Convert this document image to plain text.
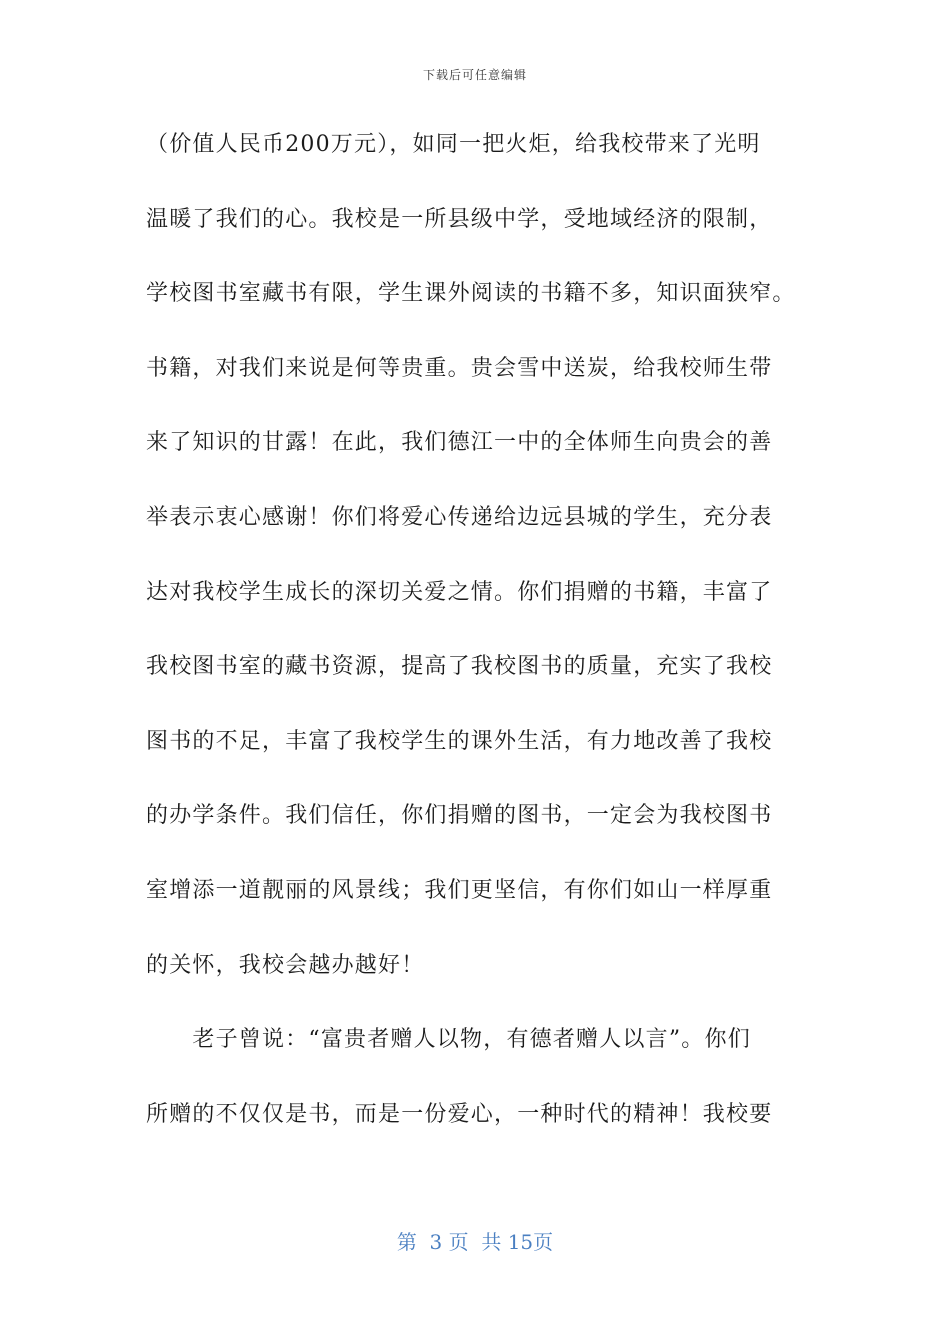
下载后可任意编辑
（价值人民币200万元），如同一把火炬，给我校带来了光明
温暖了我们的心。我校是一所县级中学，受地域经济的限制，
学校图书室藏书有限，学生课外阅读的书籍不多，知识面狭窄。
书籍，对我们来说是何等贵重。贵会雪中送炭，给我校师生带
来了知识的甘露！在此，我们德江一中的全体师生向贵会的善
举表示衷心感谢！你们将爱心传递给边远县城的学生，充分表
达对我校学生成长的深切关爱之情。你们捐赠的书籍，丰富了
我校图书室的藏书资源，提高了我校图书的质量，充实了我校
图书的不足，丰富了我校学生的课外生活，有力地改善了我校
的办学条件。我们信任，你们捐赠的图书，一定会为我校图书
室增添一道靓丽的风景线；我们更坚信，有你们如山一样厚重
的关怀，我校会越办越好！
　　老子曾说：“富贵者赠人以物，有德者赠人以言”。你们
所赠的不仅仅是书，而是一份爱心，一种时代的精神！我校要
第  3 页  共 15页
